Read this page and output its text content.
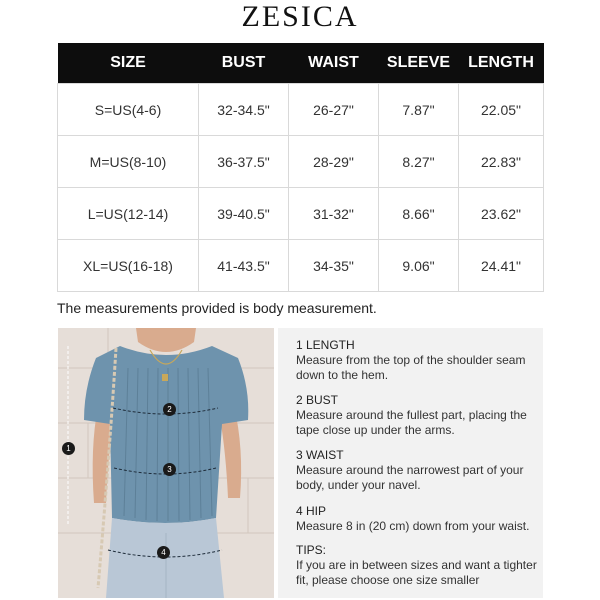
ZESICA
SIZE	BUST	WAIST	SLEEVE	LENGTH
S=US(4-6)	32-34.5"	26-27"	7.87"	22.05"
M=US(8-10)	36-37.5"	28-29"	8.27"	22.83"
L=US(12-14)	39-40.5"	31-32"	8.66"	23.62"
XL=US(16-18)	41-43.5"	34-35"	9.06"	24.41"
The measurements provided is body measurement.
1
2
3
4
1 LENGTH
Measure from the top of the shoulder seam down to the hem.
2 BUST
Measure around the fullest part, placing the tape close up under the arms.
3 WAIST
Measure around the narrowest part of your body, under your navel.
4 HIP
Measure 8 in (20 cm) down from your waist.
TIPS:
If you are in between sizes and want a tighter fit, please choose one size smaller
